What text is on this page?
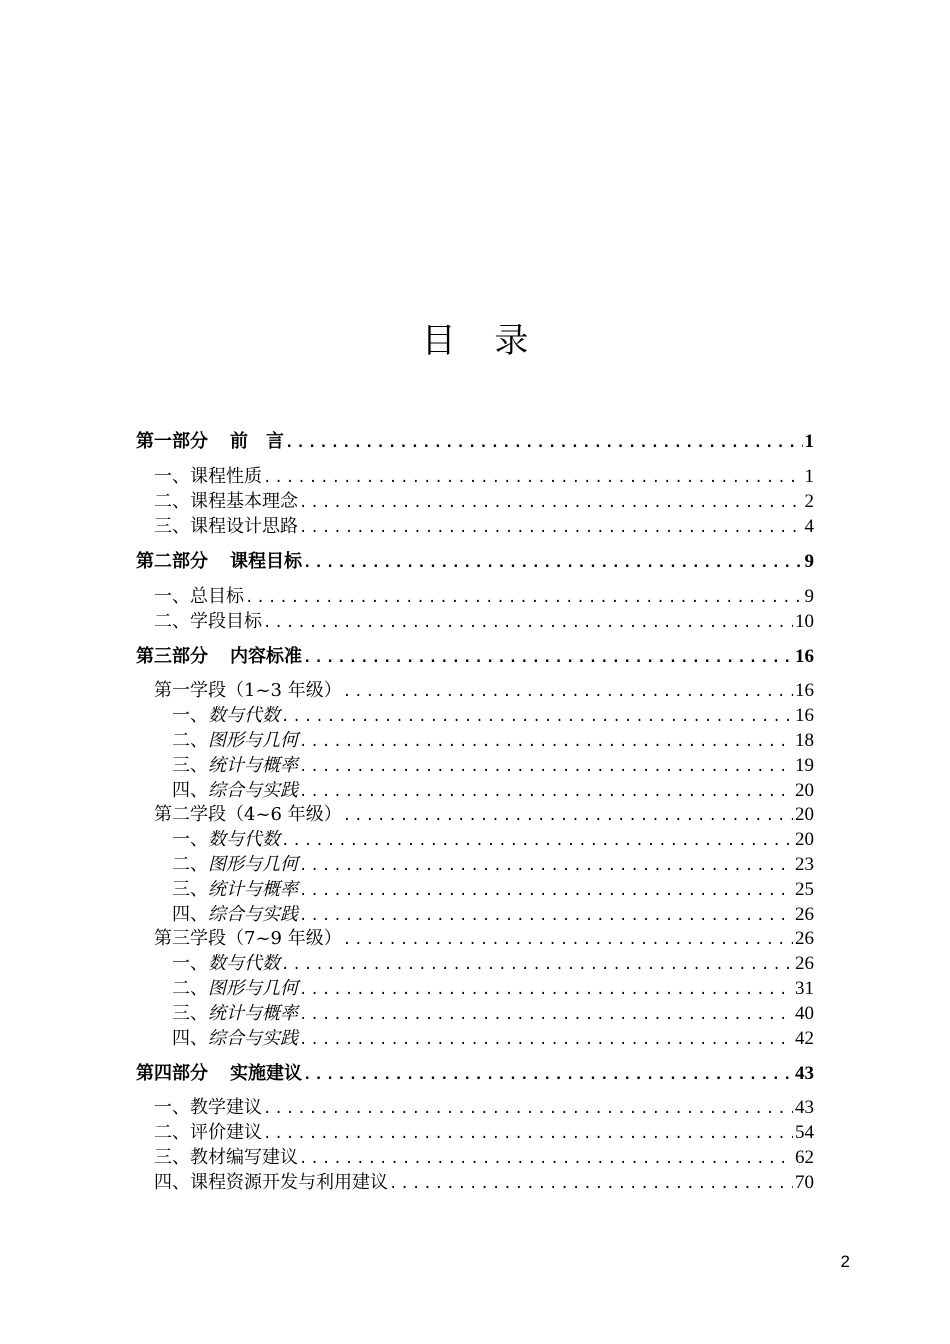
目 录
第一部分 前　言 .....	1
一、课程性质 .....	1
二、课程基本理念 .....	2
三、课程设计思路 .....	4
第二部分 课程目标 .....	9
一、总目标 .....	9
二、学段目标 .....	10
第三部分 内容标准 .....	16
第一学段（1~3 年级） .....	16
一、数与代数 .....	16
二、图形与几何 .....	18
三、统计与概率 .....	19
四、综合与实践 .....	20
第二学段（4~6 年级） .....	20
一、数与代数 .....	20
二、图形与几何 .....	23
三、统计与概率 .....	25
四、综合与实践 .....	26
第三学段（7~9 年级） .....	26
一、数与代数 .....	26
二、图形与几何 .....	31
三、统计与概率 .....	40
四、综合与实践 .....	42
第四部分 实施建议 .....	43
一、教学建议 .....	43
二、评价建议 .....	54
三、教材编写建议 .....	62
四、课程资源开发与利用建议 .....	70
2
